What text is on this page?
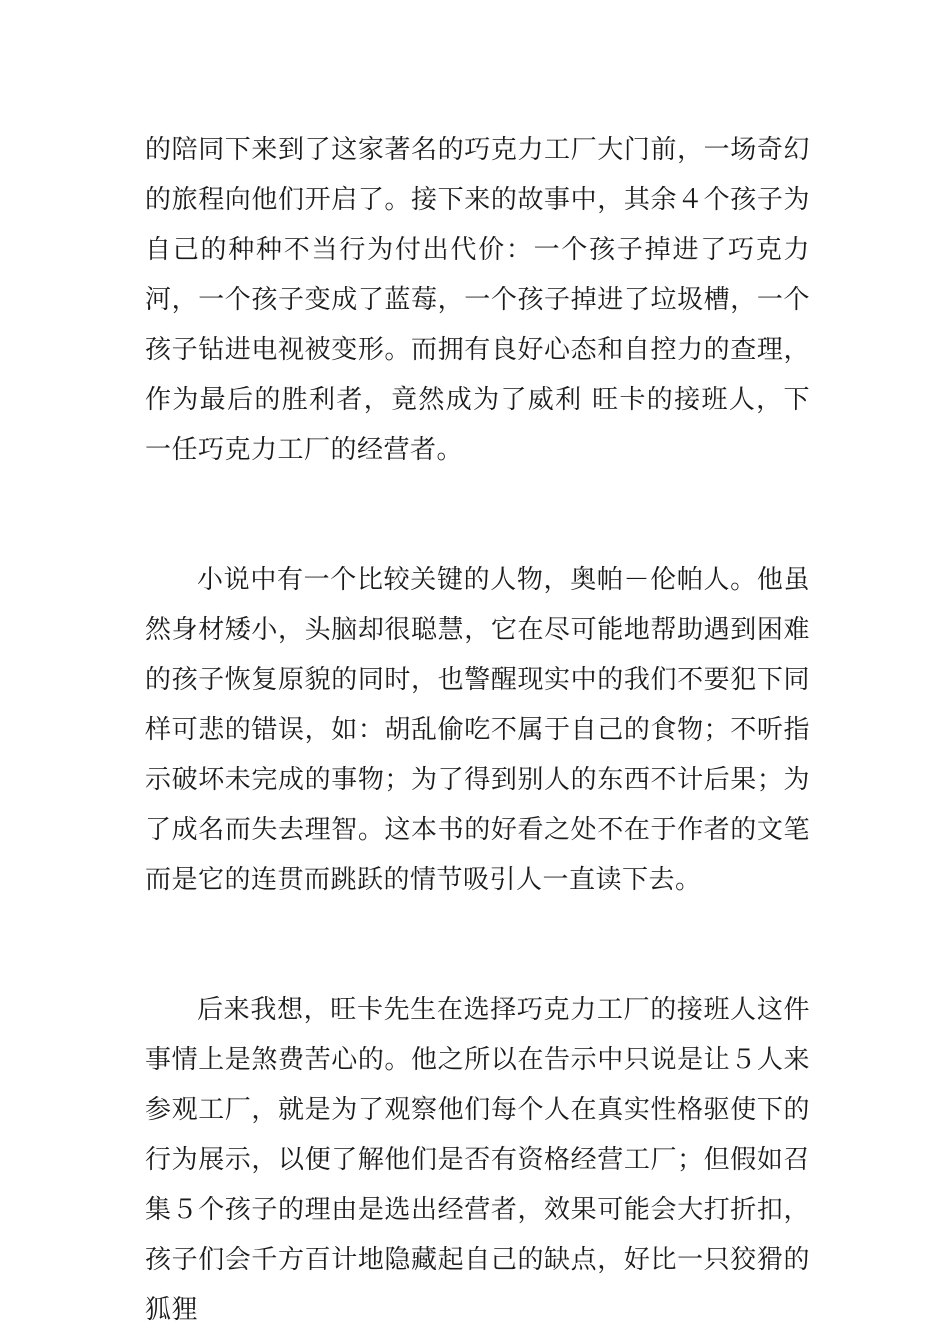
的陪同下来到了这家著名的巧克力工厂大门前，一场奇幻的旅程向他们开启了。接下来的故事中，其余４个孩子为自己的种种不当行为付出代价：一个孩子掉进了巧克力河，一个孩子变成了蓝莓，一个孩子掉进了垃圾槽，一个孩子钻进电视被变形。而拥有良好心态和自控力的查理，作为最后的胜利者，竟然成为了威利 旺卡的接班人，下一任巧克力工厂的经营者。

小说中有一个比较关键的人物，奥帕－伦帕人。他虽然身材矮小，头脑却很聪慧，它在尽可能地帮助遇到困难的孩子恢复原貌的同时，也警醒现实中的我们不要犯下同样可悲的错误，如：胡乱偷吃不属于自己的食物；不听指示破坏未完成的事物；为了得到别人的东西不计后果；为了成名而失去理智。这本书的好看之处不在于作者的文笔而是它的连贯而跳跃的情节吸引人一直读下去。

后来我想，旺卡先生在选择巧克力工厂的接班人这件事情上是煞费苦心的。他之所以在告示中只说是让５人来参观工厂，就是为了观察他们每个人在真实性格驱使下的行为展示，以便了解他们是否有资格经营工厂；但假如召集５个孩子的理由是选出经营者，效果可能会大打折扣，孩子们会千方百计地隐藏起自己的缺点，好比一只狡猾的狐狸
